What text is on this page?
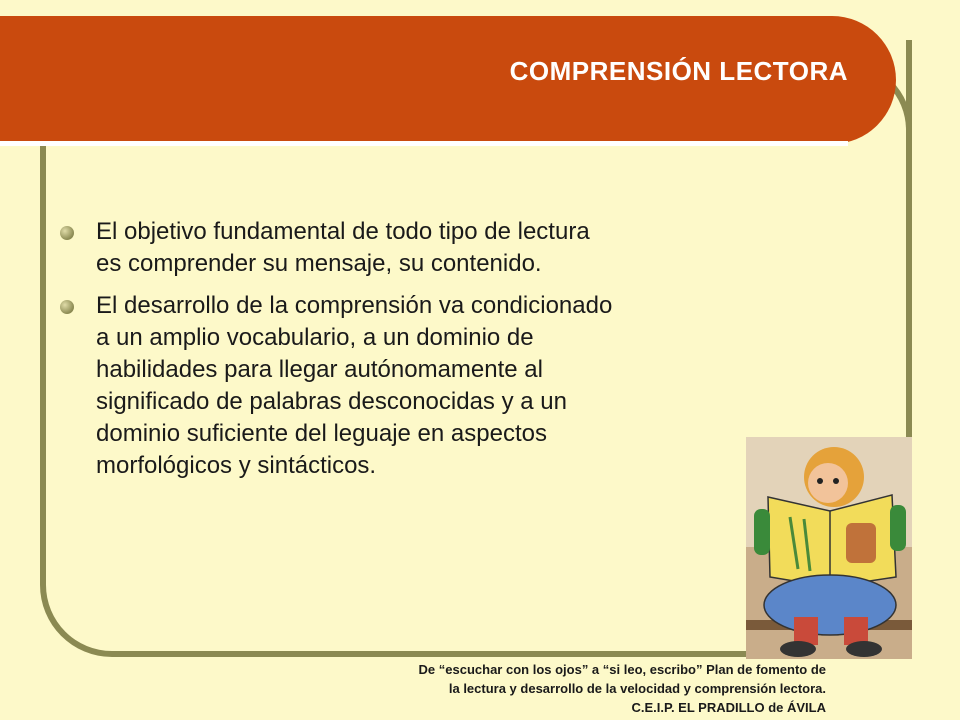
COMPRENSIÓN LECTORA
El objetivo fundamental de todo tipo de lectura es comprender su mensaje, su contenido.
El desarrollo de la comprensión va condicionado a un amplio vocabulario, a un dominio de habilidades para llegar autónomamente al significado de palabras desconocidas y a un dominio suficiente del leguaje en aspectos morfológicos y sintácticos.
De “escuchar con los ojos” a “si leo, escribo” Plan de fomento de
la lectura y desarrollo de la velocidad y comprensión lectora.
C.E.I.P. EL PRADILLO de ÁVILA
